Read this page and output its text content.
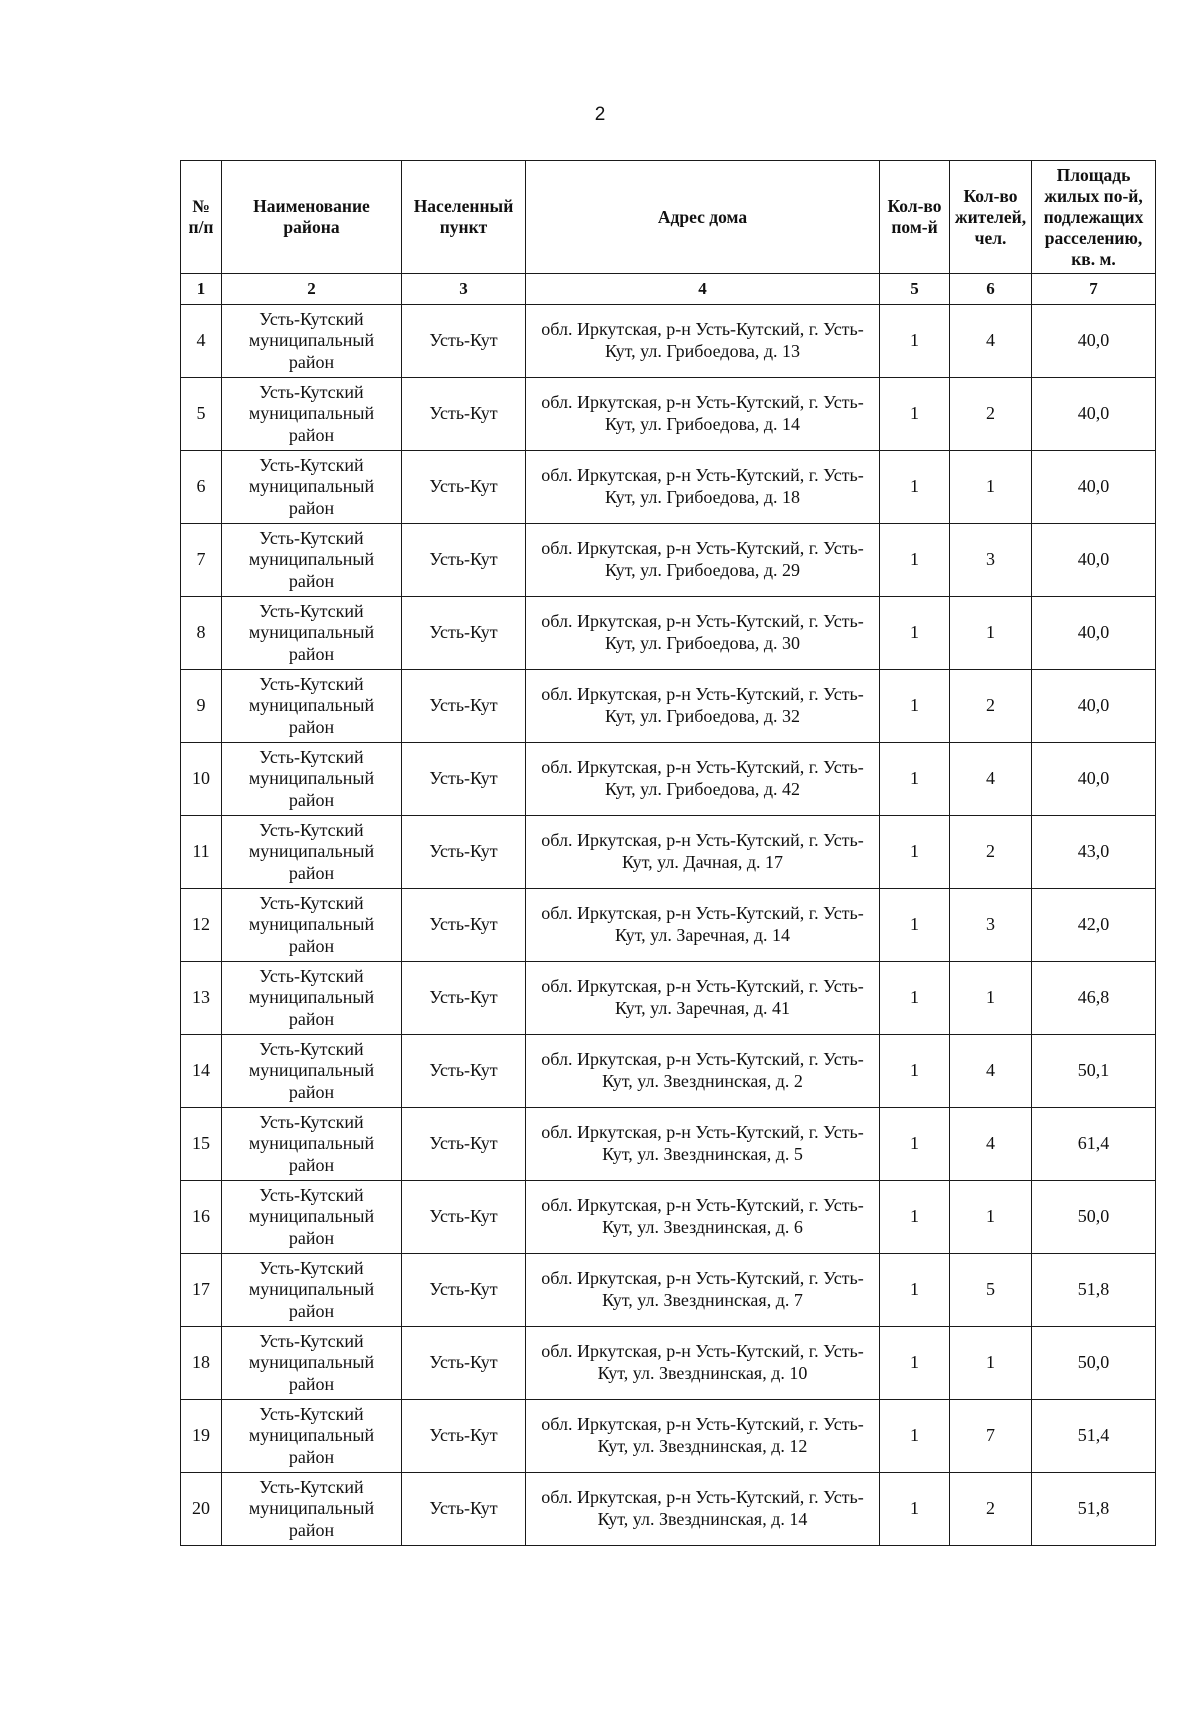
2
№ п/п	Наименование района	Населенный пункт	Адрес дома	Кол-во пом-й	Кол-во жителей, чел.	Площадь жилых по-й, подлежащих расселению, кв. м.
1	2	3	4	5	6	7
4	Усть-Кутский муниципальный район	Усть-Кут	обл. Иркутская, р-н Усть-Кутский, г. Усть-Кут, ул. Грибоедова, д. 13	1	4	40,0
5	Усть-Кутский муниципальный район	Усть-Кут	обл. Иркутская, р-н Усть-Кутский, г. Усть-Кут, ул. Грибоедова, д. 14	1	2	40,0
6	Усть-Кутский муниципальный район	Усть-Кут	обл. Иркутская, р-н Усть-Кутский, г. Усть-Кут, ул. Грибоедова, д. 18	1	1	40,0
7	Усть-Кутский муниципальный район	Усть-Кут	обл. Иркутская, р-н Усть-Кутский, г. Усть-Кут, ул. Грибоедова, д. 29	1	3	40,0
8	Усть-Кутский муниципальный район	Усть-Кут	обл. Иркутская, р-н Усть-Кутский, г. Усть-Кут, ул. Грибоедова, д. 30	1	1	40,0
9	Усть-Кутский муниципальный район	Усть-Кут	обл. Иркутская, р-н Усть-Кутский, г. Усть-Кут, ул. Грибоедова, д. 32	1	2	40,0
10	Усть-Кутский муниципальный район	Усть-Кут	обл. Иркутская, р-н Усть-Кутский, г. Усть-Кут, ул. Грибоедова, д. 42	1	4	40,0
11	Усть-Кутский муниципальный район	Усть-Кут	обл. Иркутская, р-н Усть-Кутский, г. Усть-Кут, ул. Дачная, д. 17	1	2	43,0
12	Усть-Кутский муниципальный район	Усть-Кут	обл. Иркутская, р-н Усть-Кутский, г. Усть-Кут, ул. Заречная, д. 14	1	3	42,0
13	Усть-Кутский муниципальный район	Усть-Кут	обл. Иркутская, р-н Усть-Кутский, г. Усть-Кут, ул. Заречная, д. 41	1	1	46,8
14	Усть-Кутский муниципальный район	Усть-Кут	обл. Иркутская, р-н Усть-Кутский, г. Усть-Кут, ул. Звезднинская, д. 2	1	4	50,1
15	Усть-Кутский муниципальный район	Усть-Кут	обл. Иркутская, р-н Усть-Кутский, г. Усть-Кут, ул. Звезднинская, д. 5	1	4	61,4
16	Усть-Кутский муниципальный район	Усть-Кут	обл. Иркутская, р-н Усть-Кутский, г. Усть-Кут, ул. Звезднинская, д. 6	1	1	50,0
17	Усть-Кутский муниципальный район	Усть-Кут	обл. Иркутская, р-н Усть-Кутский, г. Усть-Кут, ул. Звезднинская, д. 7	1	5	51,8
18	Усть-Кутский муниципальный район	Усть-Кут	обл. Иркутская, р-н Усть-Кутский, г. Усть-Кут, ул. Звезднинская, д. 10	1	1	50,0
19	Усть-Кутский муниципальный район	Усть-Кут	обл. Иркутская, р-н Усть-Кутский, г. Усть-Кут, ул. Звезднинская, д. 12	1	7	51,4
20	Усть-Кутский муниципальный район	Усть-Кут	обл. Иркутская, р-н Усть-Кутский, г. Усть-Кут, ул. Звезднинская, д. 14	1	2	51,8
